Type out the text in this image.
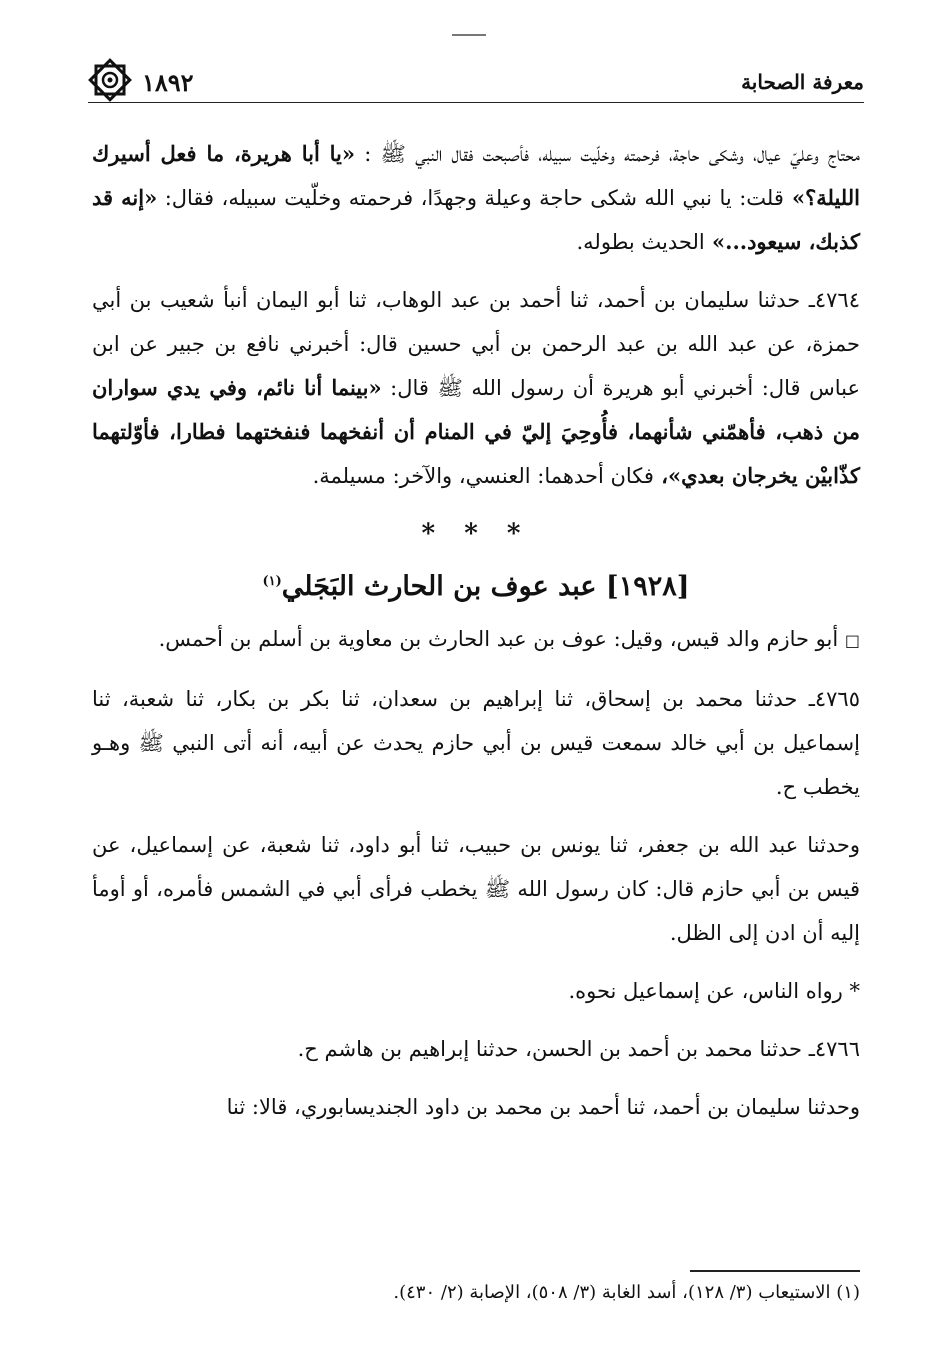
١٨٩٢	معرفة الصحابة

محتاج وعليّ عيال، وشكى حاجة، فرحمته وخلّيت سبيله، فأصبحت فقال النبي ﷺ : «يا أبا هريرة، ما فعل أسيرك الليلة؟» قلت: يا نبي الله شكى حاجة وعيلة وجهدًا، فرحمته وخلّيت سبيله، فقال: «إنه قد كذبك، سيعود...» الحديث بطوله.

٤٧٦٤ـ حدثنا سليمان بن أحمد، ثنا أحمد بن عبد الوهاب، ثنا أبو اليمان أنبأ شعيب بن أبي حمزة، عن عبد الله بن عبد الرحمن بن أبي حسين قال: أخبرني نافع بن جبير عن ابن عباس قال: أخبرني أبو هريرة أن رسول الله ﷺ قال: «بينما أنا نائم، وفي يدي سواران من ذهب، فأهمّني شأنهما، فأُوحِيَ إليّ في المنام أن أنفخهما فنفختهما فطارا، فأوّلتهما كذّابيْن يخرجان بعدي»، فكان أحدهما: العنسي، والآخر: مسيلمة.

* * *
[١٩٢٨] عبد عوف بن الحارث البَجَلي$^{(١)}$

□ أبو حازم والد قيس، وقيل: عوف بن عبد الحارث بن معاوية بن أسلم بن أحمس.

٤٧٦٥ـ حدثنا محمد بن إسحاق، ثنا إبراهيم بن سعدان، ثنا بكر بن بكار، ثنا شعبة، ثنا إسماعيل بن أبي خالد سمعت قيس بن أبي حازم يحدث عن أبيه، أنه أتى النبي ﷺ وهـو يخطب ح.

وحدثنا عبد الله بن جعفر، ثنا يونس بن حبيب، ثنا أبو داود، ثنا شعبة، عن إسماعيل، عن قيس بن أبي حازم قال: كان رسول الله ﷺ يخطب فرأى أبي في الشمس فأمره، أو أومأ إليه أن ادن إلى الظل.

* رواه الناس، عن إسماعيل نحوه.

٤٧٦٦ـ حدثنا محمد بن أحمد بن الحسن، حدثنا إبراهيم بن هاشم ح.

وحدثنا سليمان بن أحمد، ثنا أحمد بن محمد بن داود الجنديسابوري، قالا: ثنا

(١) الاستيعاب (٣/ ١٢٨)، أسد الغابة (٣/ ٥٠٨)، الإصابة (٢/ ٤٣٠).
